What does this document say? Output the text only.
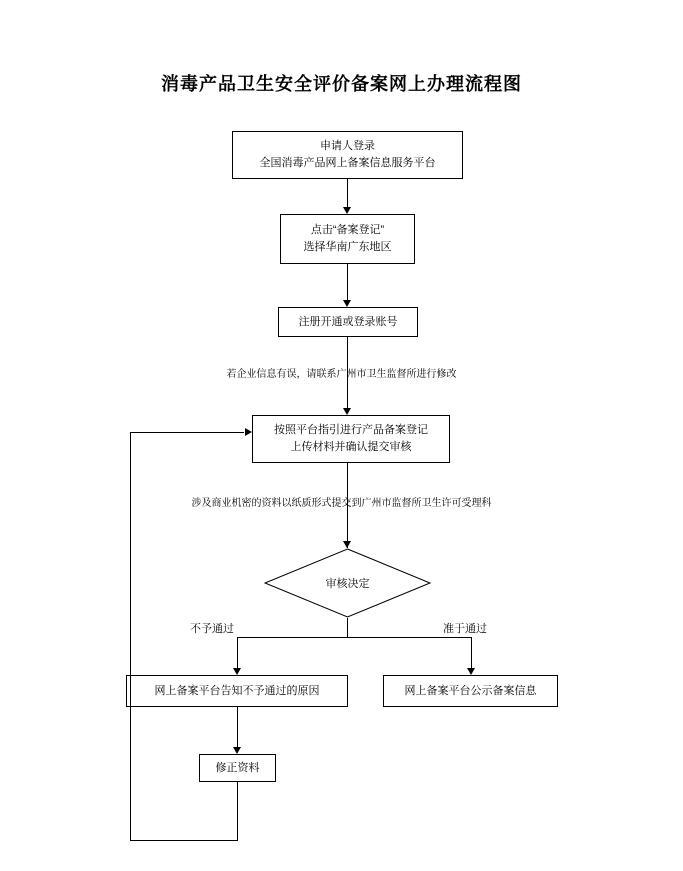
消毒产品卫生安全评价备案网上办理流程图
申请人登录
全国消毒产品网上备案信息服务平台
点击“备案登记”
选择华南广东地区
注册开通或登录账号
若企业信息有误，请联系广州市卫生监督所进行修改
按照平台指引进行产品备案登记
上传材料并确认提交审核
涉及商业机密的资料以纸质形式提交到广州市监督所卫生许可受理科
审核决定
不予通过	准于通过
网上备案平台告知不予通过的原因	网上备案平台公示备案信息
修正资料
